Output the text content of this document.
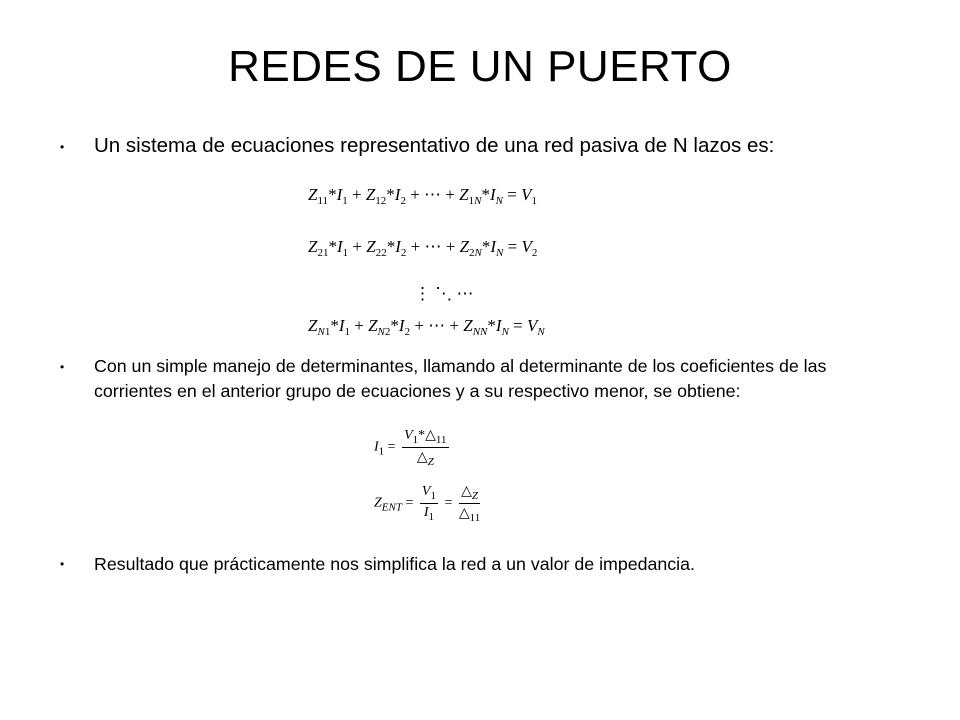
REDES DE UN PUERTO
• Un sistema de ecuaciones representativo de una red pasiva de N lazos es:
$Z_{11}*I_1 + Z_{12}*I_2$ + ⋯ + $Z_{1N}*I_N = V_1$
$Z_{21}*I_1 + Z_{22}*I_2$ + ⋯ + $Z_{2N}*I_N = V_2$
⋮ ⋱ ⋯
$Z_{N1}*I_1 + Z_{N2}*I_2$ + ⋯ + $Z_{NN}*I_N = V_N$
• Con un simple manejo de determinantes, llamando al determinante de los coeficientes de las corrientes en el anterior grupo de ecuaciones y a su respectivo menor, se obtiene:
$I_1 = \frac{V_1*\triangle_{11}}{\triangle_Z}$
$Z_{ENT} = \frac{V_1}{I_1} = \frac{\triangle_Z}{\triangle_{11}}$
• Resultado que prácticamente nos simplifica la red a un valor de impedancia.
